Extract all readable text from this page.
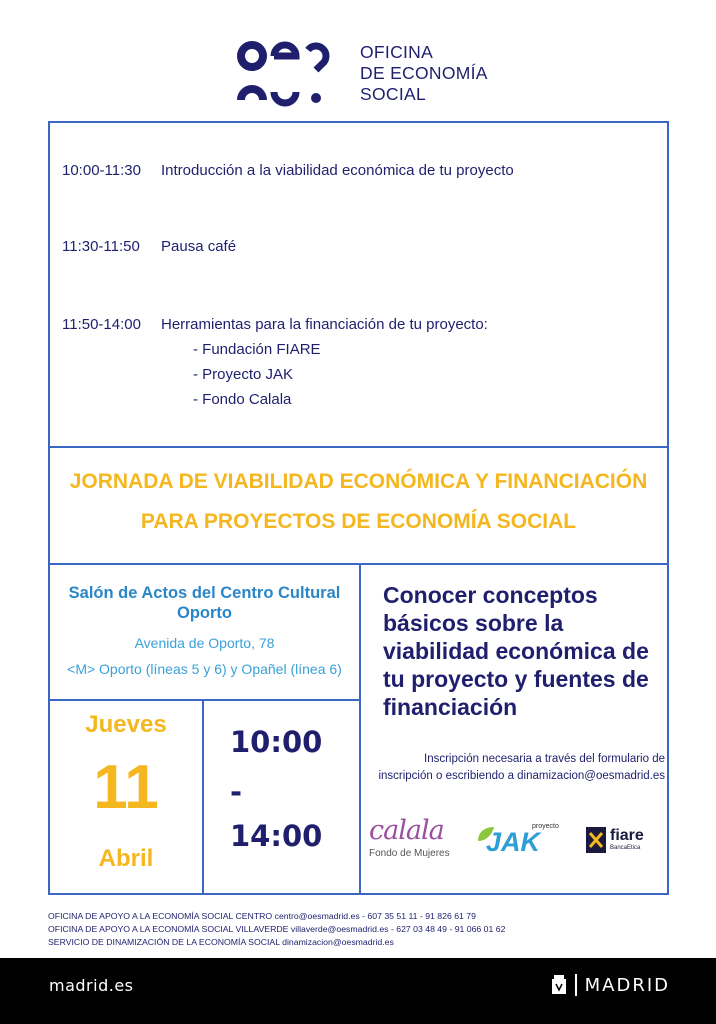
OFICINA
DE ECONOMÍA
SOCIAL
10:00-11:30 Introducción a la viabilidad económica de tu proyecto
11:30-11:50 Pausa café
11:50-14:00 Herramientas para la financiación de tu proyecto:
- Fundación FIARE
- Proyecto JAK
- Fondo Calala
JORNADA DE VIABILIDAD ECONÓMICA Y FINANCIACIÓN
PARA PROYECTOS DE ECONOMÍA SOCIAL
Salón de Actos del Centro Cultural Oporto
Avenida de Oporto, 78
<M> Oporto (líneas 5 y 6) y Opañel (línea 6)
Jueves
11
Abril
10:00
-
14:00
Conocer conceptos básicos sobre la viabilidad económica de tu proyecto y fuentes de financiación
Inscripción necesaria a través del formulario de
inscripción o escribiendo a dinamizacion@oesmadrid.es
calala
Fondo de Mujeres
proyecto
JAK	fiare
BancaEtica
OFICINA DE APOYO A LA ECONOMÍA SOCIAL CENTRO centro@oesmadrid.es - 607 35 51 11 - 91 826 61 79
OFICINA DE APOYO A LA ECONOMÍA SOCIAL VILLAVERDE villaverde@oesmadrid.es - 627 03 48 49 - 91 066 01 62
SERVICIO DE DINAMIZACIÓN DE LA ECONOMÍA SOCIAL dinamizacion@oesmadrid.es
madrid.es	MADRID
